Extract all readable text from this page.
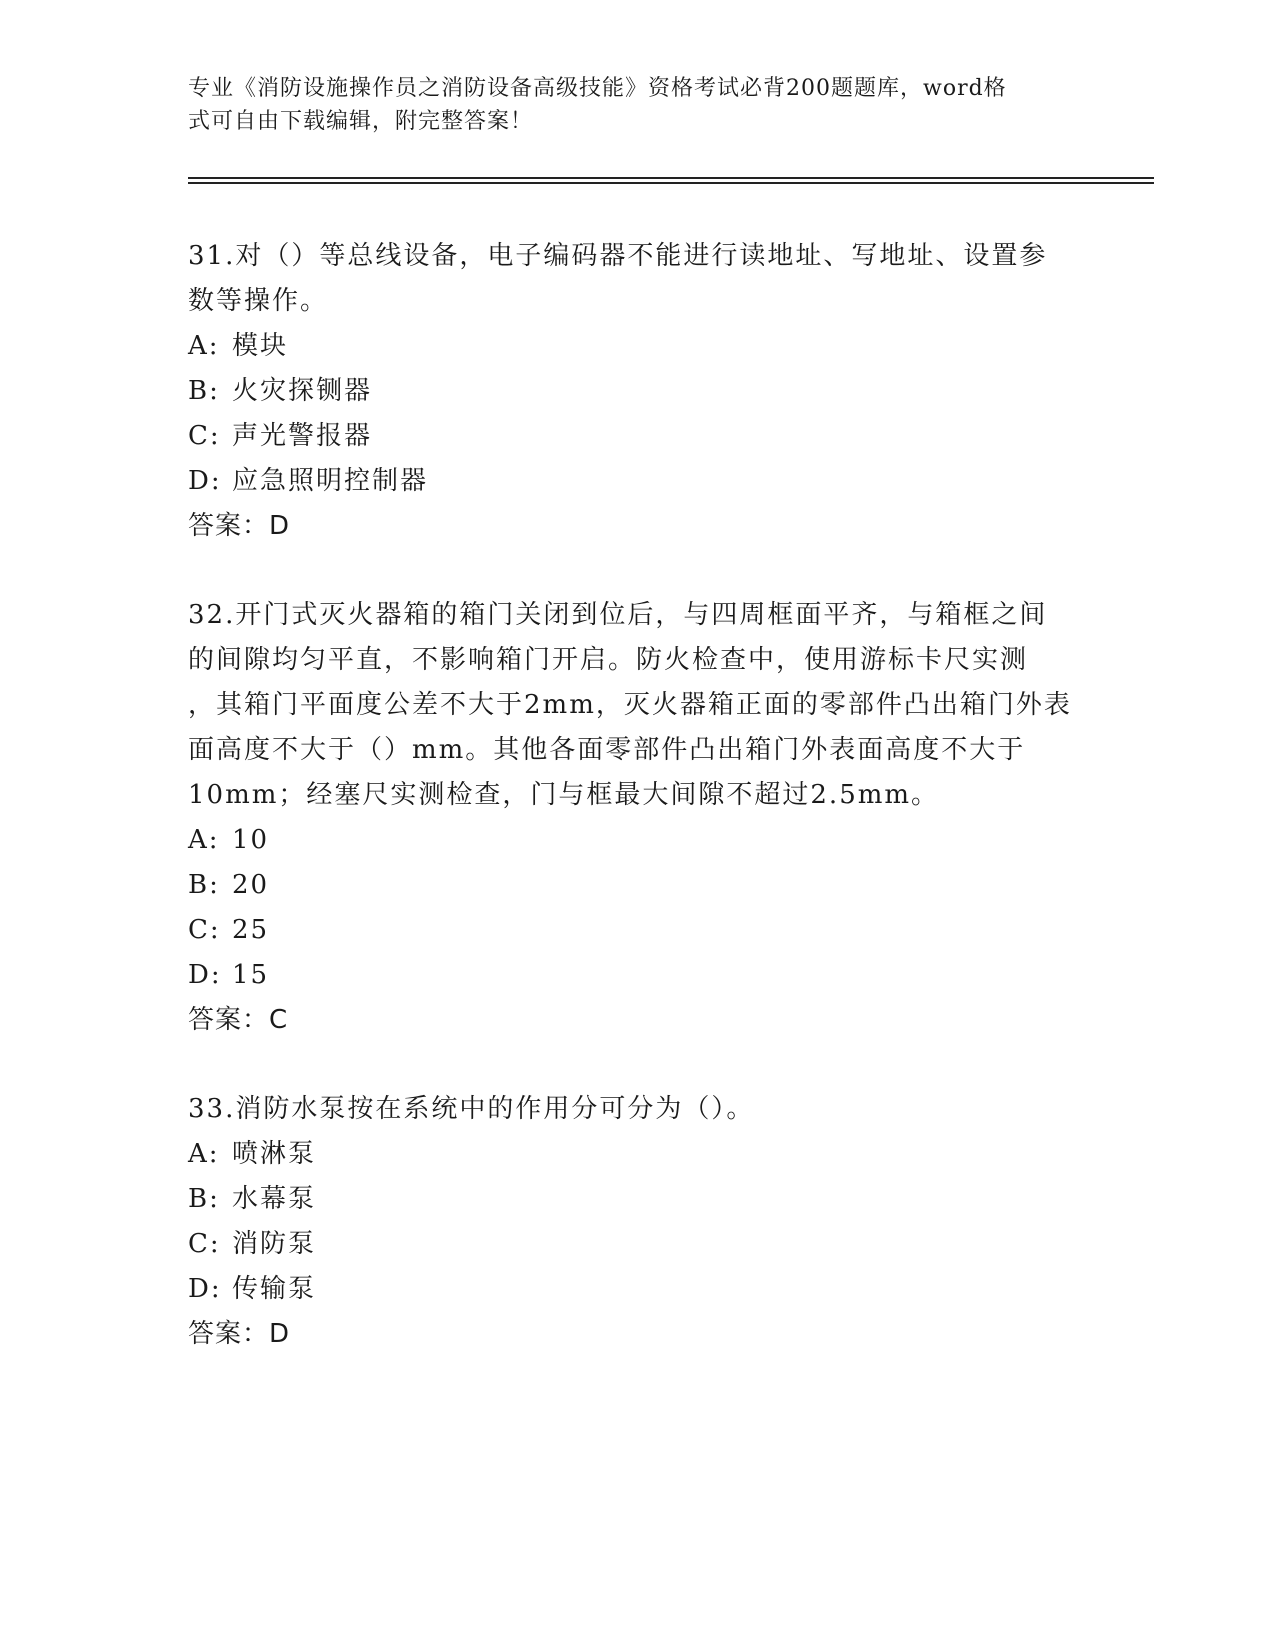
专业《消防设施操作员之消防设备高级技能》资格考试必背200题题库，word格
式可自由下载编辑，附完整答案！

31.对（）等总线设备，电子编码器不能进行读地址、写地址、设置参

数等操作。

A: 模块

B: 火灾探铡器

C: 声光警报器

D: 应急照明控制器

答案：D

32.开门式灭火器箱的箱门关闭到位后，与四周框面平齐，与箱框之间

的间隙均匀平直，不影响箱门开启。防火检查中，使用游标卡尺实测

，其箱门平面度公差不大于2mm，灭火器箱正面的零部件凸出箱门外表

面高度不大于（）mm。其他各面零部件凸出箱门外表面高度不大于

10mm；经塞尺实测检查，门与框最大间隙不超过2.5mm。

A: 10

B: 20

C: 25

D: 15

答案：C

33.消防水泵按在系统中的作用分可分为（）。

A: 喷淋泵

B: 水幕泵

C: 消防泵

D: 传输泵

答案：D
